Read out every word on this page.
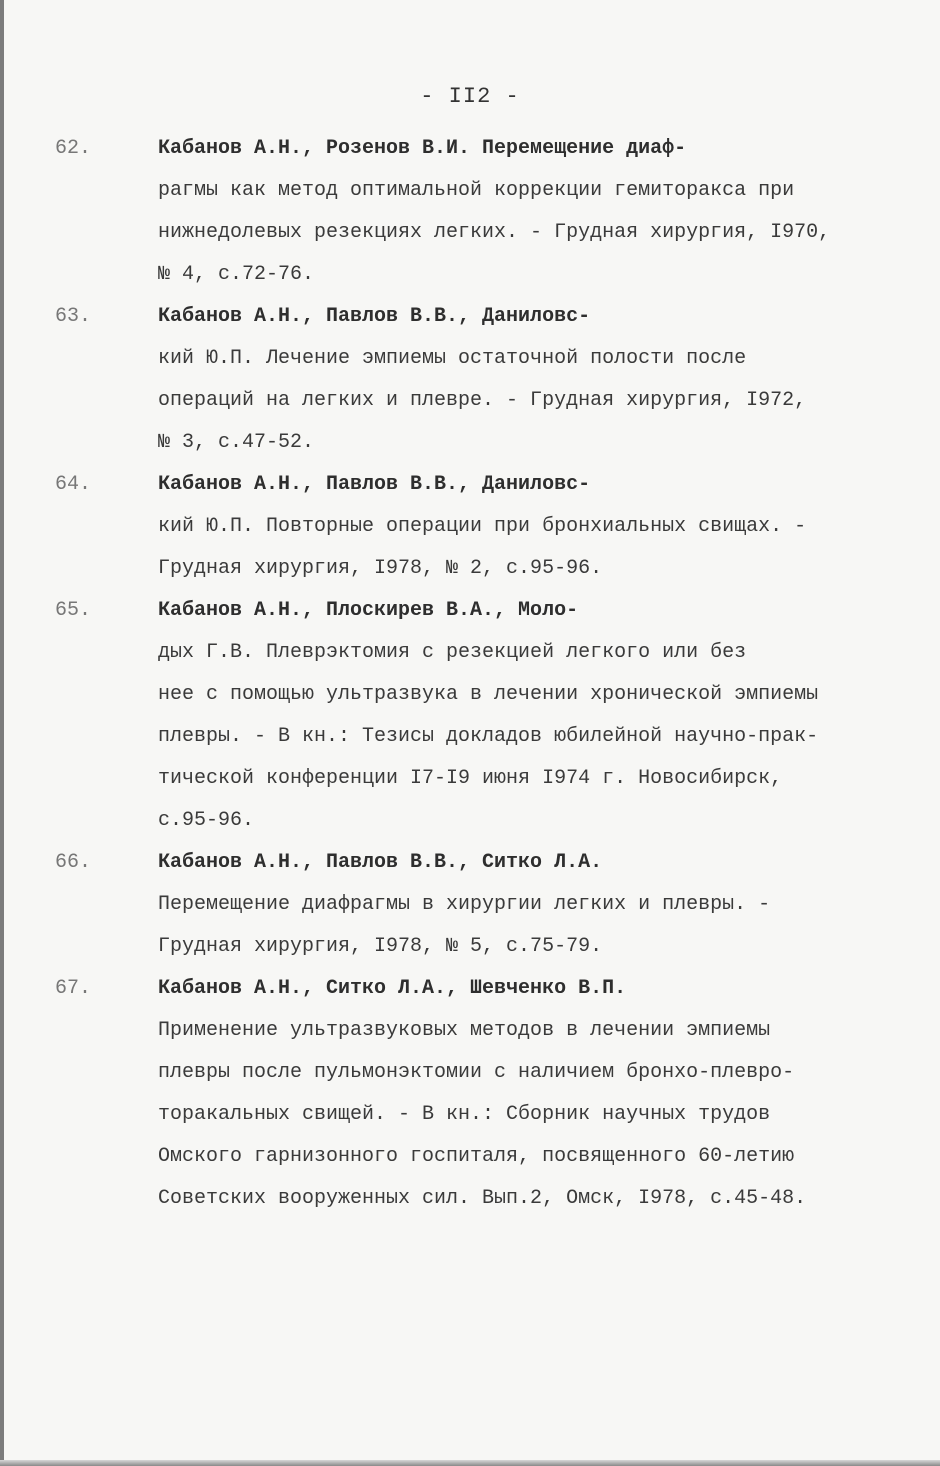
- II2 -
62.	Кабанов А.Н., Розенов В.И. Перемещение диаф-
рагмы как метод оптимальной коррекции гемиторакса при
нижнедолевых резекциях легких. - Грудная хирургия, I970,
№ 4, с.72-76.
63.	Кабанов А.Н., Павлов В.В., Даниловс-
кий Ю.П. Лечение эмпиемы остаточной полости после
операций на легких и плевре. - Грудная хирургия, I972,
№ 3, с.47-52.
64.	Кабанов А.Н., Павлов В.В., Даниловс-
кий Ю.П. Повторные операции при бронхиальных свищах. -
Грудная хирургия, I978, № 2, с.95-96.
65.	Кабанов А.Н., Плоскирев В.А., Моло-
дых Г.В. Плеврэктомия с резекцией легкого или без
нее с помощью ультразвука в лечении хронической эмпиемы
плевры. - В кн.: Тезисы докладов юбилейной научно-прак-
тической конференции I7-I9 июня I974 г. Новосибирск,
с.95-96.
66.	Кабанов А.Н., Павлов В.В., Ситко Л.А.
Перемещение диафрагмы в хирургии легких и плевры. -
Грудная хирургия, I978, № 5, с.75-79.
67.	Кабанов А.Н., Ситко Л.А., Шевченко В.П.
Применение ультразвуковых методов в лечении эмпиемы
плевры после пульмонэктомии с наличием бронхо-плевро-
торакальных свищей. - В кн.: Сборник научных трудов
Омского гарнизонного госпиталя, посвященного 60-летию
Советских вооруженных сил. Вып.2, Омск, I978, с.45-48.
